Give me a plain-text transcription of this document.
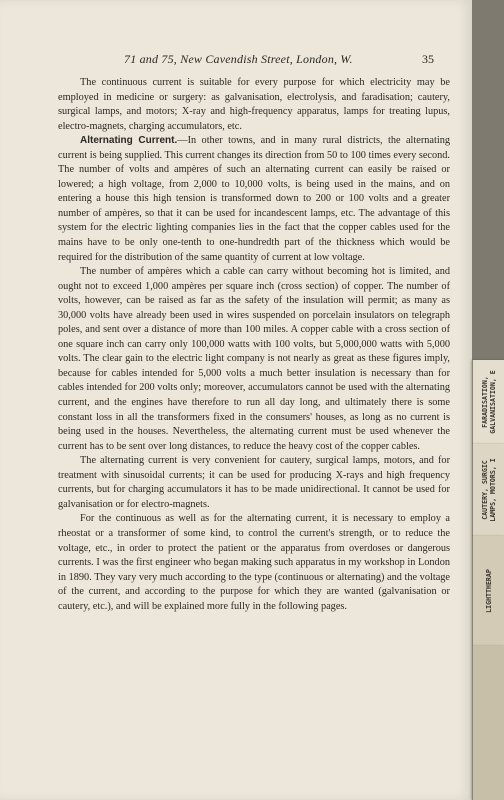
71 and 75, New Cavendish Street, London, W.	35

The continuous current is suitable for every purpose for which electricity may be employed in medicine or surgery: as galvanisation, electrolysis, and faradisation; cautery, surgical lamps, and motors; X-ray and high-frequency apparatus, lamps for treating lupus, electro-magnets, charging accumulators, etc.

Alternating Current.—In other towns, and in many rural districts, the alternating current is being supplied. This current changes its direction from 50 to 100 times every second. The number of volts and ampères of such an alternating current can easily be raised or lowered; a high voltage, from 2,000 to 10,000 volts, is being used in the mains, and on entering a house this high tension is transformed down to 200 or 100 volts and a greater number of ampères, so that it can be used for incandescent lamps, etc. The advantage of this system for the electric lighting companies lies in the fact that the copper cables used for the mains have to be only one-tenth to one-hundredth part of the thickness which would be required for the distribution of the same quantity of current at low voltage.

The number of ampères which a cable can carry without becoming hot is limited, and ought not to exceed 1,000 ampères per square inch (cross section) of copper. The number of volts, however, can be raised as far as the safety of the insulation will permit; as many as 30,000 volts have already been used in wires suspended on porcelain insulators on telegraph poles, and sent over a distance of more than 100 miles. A copper cable with a cross section of one square inch can carry only 100,000 watts with 100 volts, but 5,000,000 watts with 5,000 volts. The clear gain to the electric light company is not nearly as great as these figures imply, because for cables intended for 5,000 volts a much better insulation is necessary than for cables intended for 200 volts only; moreover, accumulators cannot be used with the alternating current, and the engines have therefore to run all day long, and ultimately there is some constant loss in all the transformers fixed in the consumers' houses, as long as no current is being used in the houses. Nevertheless, the alternating current must be used whenever the current has to be sent over long distances, to reduce the heavy cost of the copper cables.

The alternating current is very convenient for cautery, surgical lamps, motors, and for treatment with sinusoidal currents; it can be used for producing X-rays and high frequency currents, but for charging accumulators it has to be made unidirectional. It cannot be used for galvanisation or for electro-magnets.

For the continuous as well as for the alternating current, it is necessary to employ a rheostat or a transformer of some kind, to control the current's strength, or to reduce the voltage, etc., in order to protect the patient or the apparatus from overdoses or dangerous currents. I was the first engineer who began making such apparatus in my workshop in London in 1890. They vary very much according to the type (continuous or alternating) and the voltage of the current, and according to the purpose for which they are wanted (galvanisation or cautery, etc.), and will be explained more fully in the following pages.

FARADISATION, GALVANISATION, E
CAUTERY, SURGIC LAMPS, MOTORS, I
LIGHTTHERAP
